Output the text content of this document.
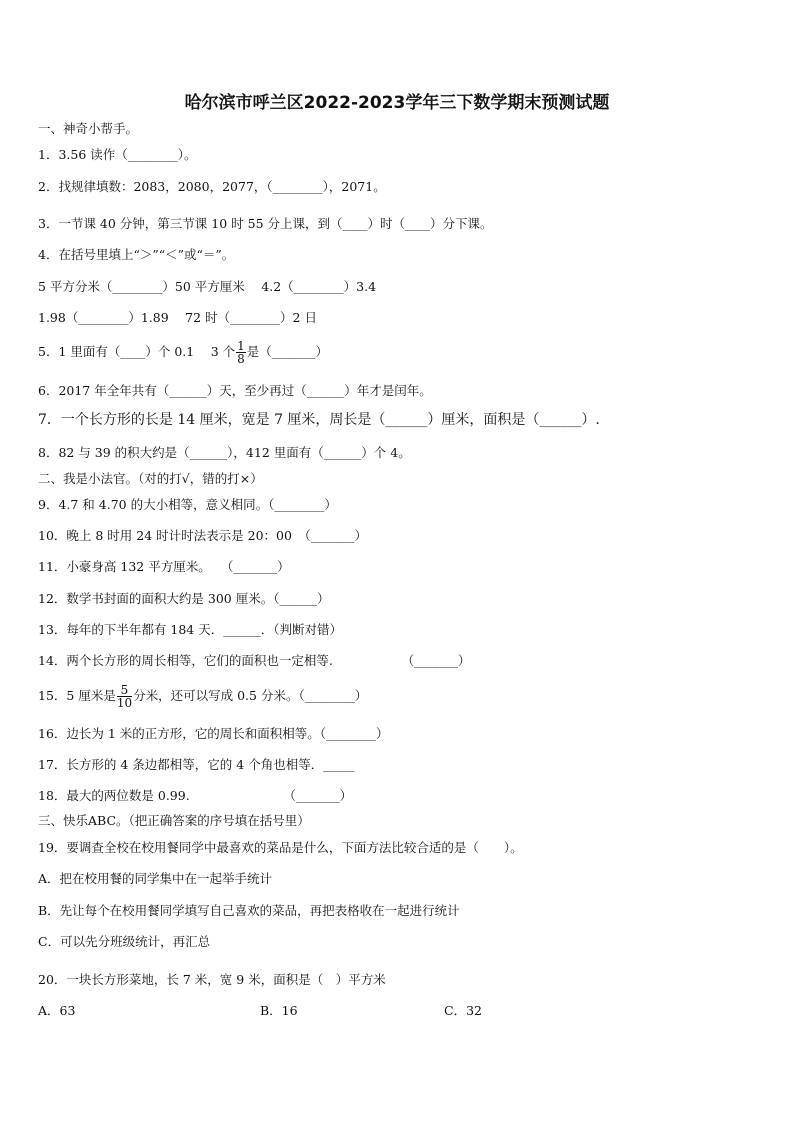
哈尔滨市呼兰区2022-2023学年三下数学期末预测试题
一、神奇小帮手。
1．3.56 读作（________）。
2．找规律填数：2083，2080，2077，（________），2071。
3．一节课 40 分钟，第三节课 10 时 55 分上课，到（____）时（____）分下课。
4．在括号里填上“＞”“＜”或“＝”。
5 平方分米（________）50 平方厘米　 4.2（________）3.4
1.98（________）1.89　 72 时（________）2 日
5．1 里面有（____）个 0.1　 3 个 $\frac{1}{8}$ 是（_______）
6．2017 年全年共有（______）天，至少再过（______）年才是闰年。
7．一个长方形的长是 14 厘米，宽是 7 厘米，周长是（______）厘米，面积是（______）.
8．82 与 39 的积大约是（______），412 里面有（______）个 4。
二、我是小法官。（对的打√，错的打×）
9．4.7 和 4.70 的大小相等，意义相同。（________）
10．晚上 8 时用 24 时计时法表示是 20：00　（_______）
11．小豪身高 132 平方厘米。　 （_______）
12．数学书封面的面积大约是 300 厘米。（______）
13．每年的下半年都有 184 天．______．（判断对错）
14．两个长方形的周长相等，它们的面积也一定相等.　　　　　　（_______）
15．5 厘米是 $\frac{5}{10}$ 分米，还可以写成 0.5 分米。（________）
16．边长为 1 米的正方形，它的周长和面积相等。（________）
17．长方形的 4 条边都相等，它的 4 个角也相等．_____
18．最大的两位数是 0.99.　　　　　　　　（_______）
三、快乐ABC。（把正确答案的序号填在括号里）
19．要调查全校在校用餐同学中最喜欢的菜品是什么，下面方法比较合适的是（　　）。
A．把在校用餐的同学集中在一起举手统计
B．先让每个在校用餐同学填写自己喜欢的菜品，再把表格收在一起进行统计
C．可以先分班级统计，再汇总
20．一块长方形菜地，长 7 米，宽 9 米，面积是（　）平方米
A．63	B．16	C．32
